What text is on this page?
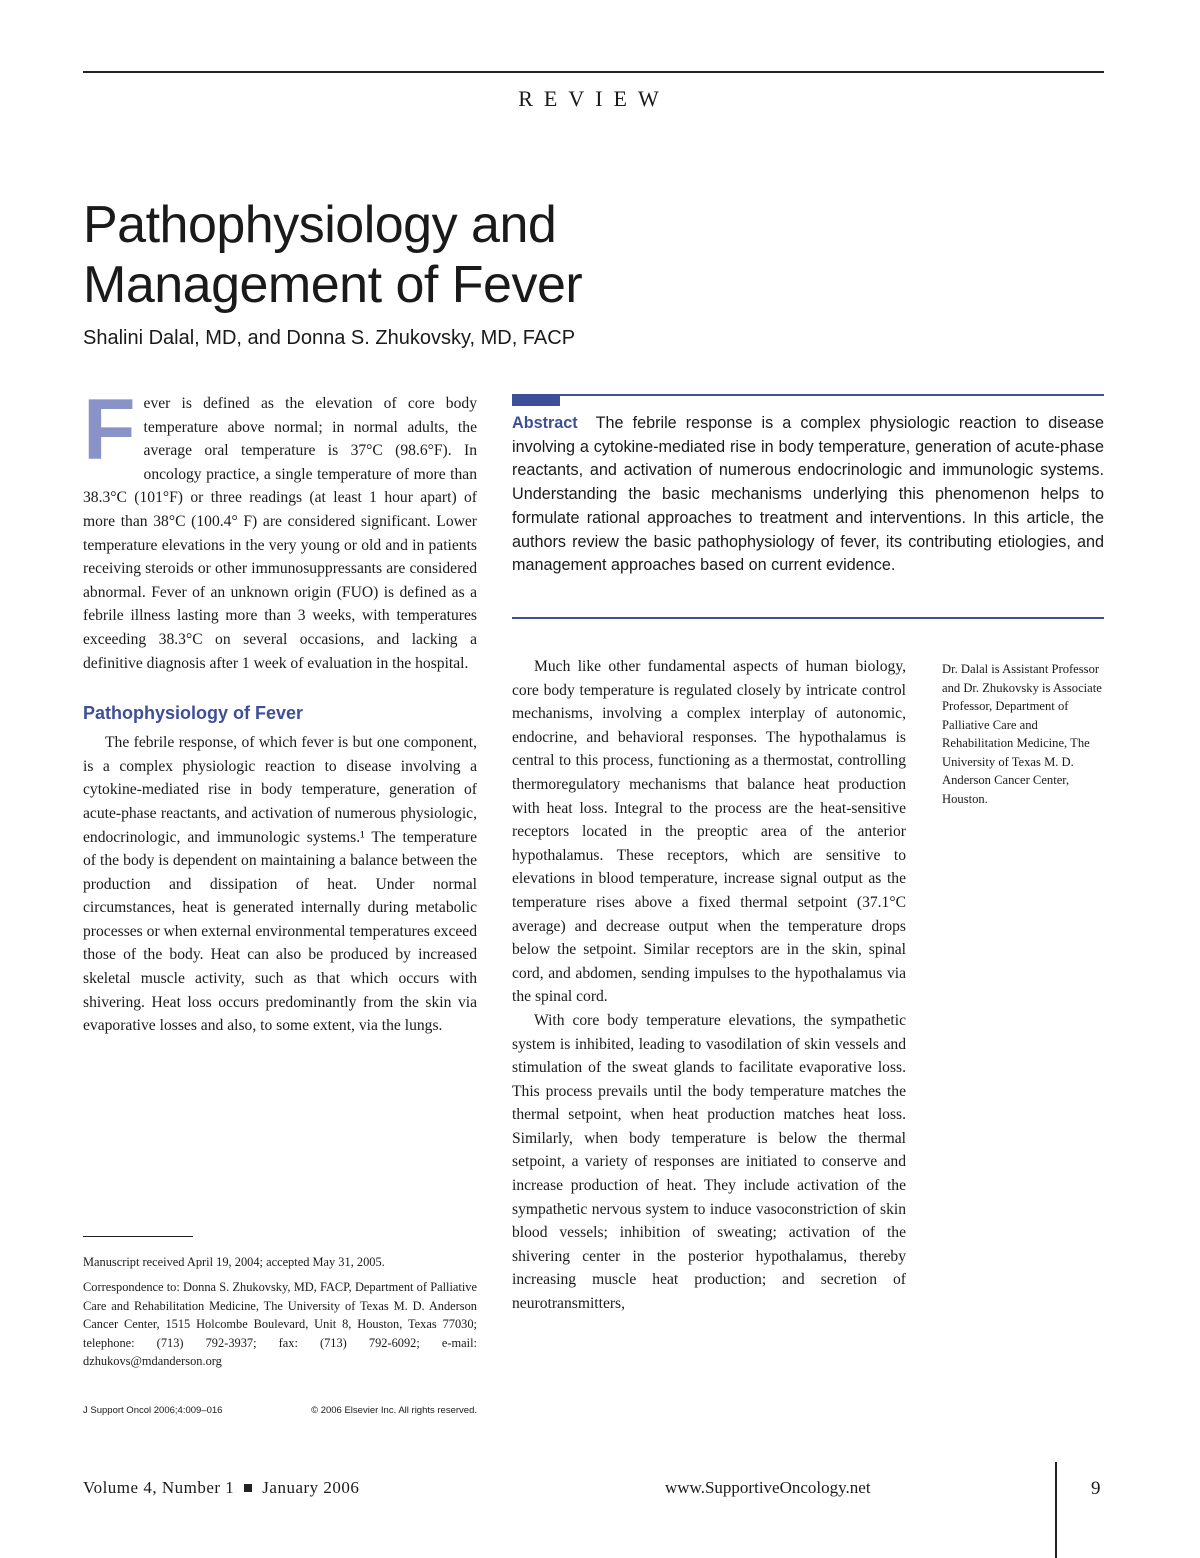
REVIEW
Pathophysiology and
Management of Fever
Shalini Dalal, MD, and Donna S. Zhukovsky, MD, FACP

Fever is defined as the elevation of core body temperature above normal; in normal adults, the average oral temperature is 37°C (98.6°F). In oncology practice, a single temperature of more than 38.3°C (101°F) or three readings (at least 1 hour apart) of more than 38°C (100.4° F) are considered significant. Lower temperature elevations in the very young or old and in patients receiving steroids or other immunosuppressants are considered abnormal. Fever of an unknown origin (FUO) is defined as a febrile illness lasting more than 3 weeks, with temperatures exceeding 38.3°C on several occasions, and lacking a definitive diagnosis after 1 week of evaluation in the hospital.

Pathophysiology of Fever

The febrile response, of which fever is but one component, is a complex physiologic reaction to disease involving a cytokine-mediated rise in body temperature, generation of acute-phase reactants, and activation of numerous physiologic, endocrinologic, and immunologic systems.¹ The temperature of the body is dependent on maintaining a balance between the production and dissipation of heat. Under normal circumstances, heat is generated internally during metabolic processes or when external environmental temperatures exceed those of the body. Heat can also be produced by increased skeletal muscle activity, such as that which occurs with shivering. Heat loss occurs predominantly from the skin via evaporative losses and also, to some extent, via the lungs.

Abstract The febrile response is a complex physiologic reaction to disease involving a cytokine-mediated rise in body temperature, generation of acute-phase reactants, and activation of numerous endocrinologic and immunologic systems. Understanding the basic mechanisms underlying this phenomenon helps to formulate rational approaches to treatment and interventions. In this article, the authors review the basic pathophysiology of fever, its contributing etiologies, and management approaches based on current evidence.

Much like other fundamental aspects of human biology, core body temperature is regulated closely by intricate control mechanisms, involving a complex interplay of autonomic, endocrine, and behavioral responses. The hypothalamus is central to this process, functioning as a thermostat, controlling thermoregulatory mechanisms that balance heat production with heat loss. Integral to the process are the heat-sensitive receptors located in the preoptic area of the anterior hypothalamus. These receptors, which are sensitive to elevations in blood temperature, increase signal output as the temperature rises above a fixed thermal setpoint (37.1°C average) and decrease output when the temperature drops below the setpoint. Similar receptors are in the skin, spinal cord, and abdomen, sending impulses to the hypothalamus via the spinal cord.

With core body temperature elevations, the sympathetic system is inhibited, leading to vasodilation of skin vessels and stimulation of the sweat glands to facilitate evaporative loss. This process prevails until the body temperature matches the thermal setpoint, when heat production matches heat loss. Similarly, when body temperature is below the thermal setpoint, a variety of responses are initiated to conserve and increase production of heat. They include activation of the sympathetic nervous system to induce vasoconstriction of skin blood vessels; inhibition of sweating; activation of the shivering center in the posterior hypothalamus, thereby increasing muscle heat production; and secretion of neurotransmitters,

Dr. Dalal is Assistant Professor and Dr. Zhukovsky is Associate Professor, Department of Palliative Care and Rehabilitation Medicine, The University of Texas M. D. Anderson Cancer Center, Houston.

Manuscript received April 19, 2004; accepted May 31, 2005.

Correspondence to: Donna S. Zhukovsky, MD, FACP, Department of Palliative Care and Rehabilitation Medicine, The University of Texas M. D. Anderson Cancer Center, 1515 Holcombe Boulevard, Unit 8, Houston, Texas 77030; telephone: (713) 792-3937; fax: (713) 792-6092; e-mail: dzhukovs@mdanderson.org

J Support Oncol 2006;4:009–016	© 2006 Elsevier Inc. All rights reserved.
Volume 4, Number 1 January 2006	www.SupportiveOncology.net	9
